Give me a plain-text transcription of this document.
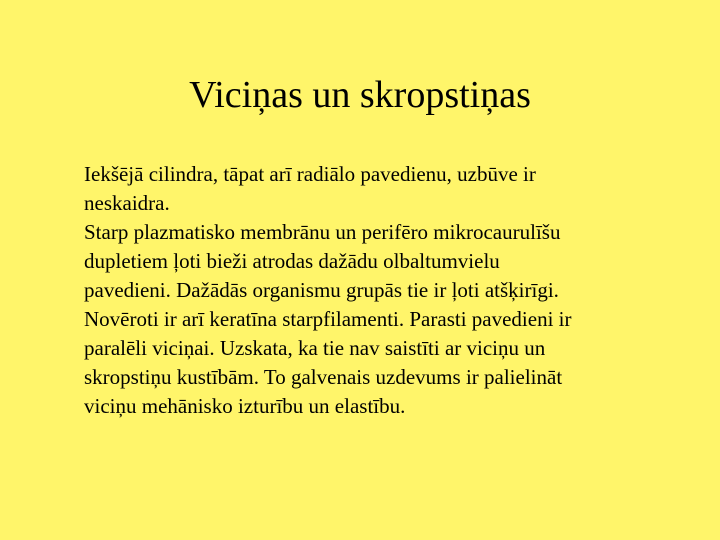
Viciņas un skropstiņas

Iekšējā cilindra, tāpat arī radiālo pavedienu, uzbūve ir
neskaidra.

Starp plazmatisko membrānu un perifēro mikrocaurulīšu
dupletiem ļoti bieži atrodas dažādu olbaltumvielu
pavedieni. Dažādās organismu grupās tie ir ļoti atšķirīgi.
Novēroti ir arī keratīna starpfilamenti. Parasti pavedieni ir
paralēli viciņai. Uzskata, ka tie nav saistīti ar viciņu un
skropstiņu kustībām. To galvenais uzdevums ir palielināt
viciņu mehānisko izturību un elastību.
